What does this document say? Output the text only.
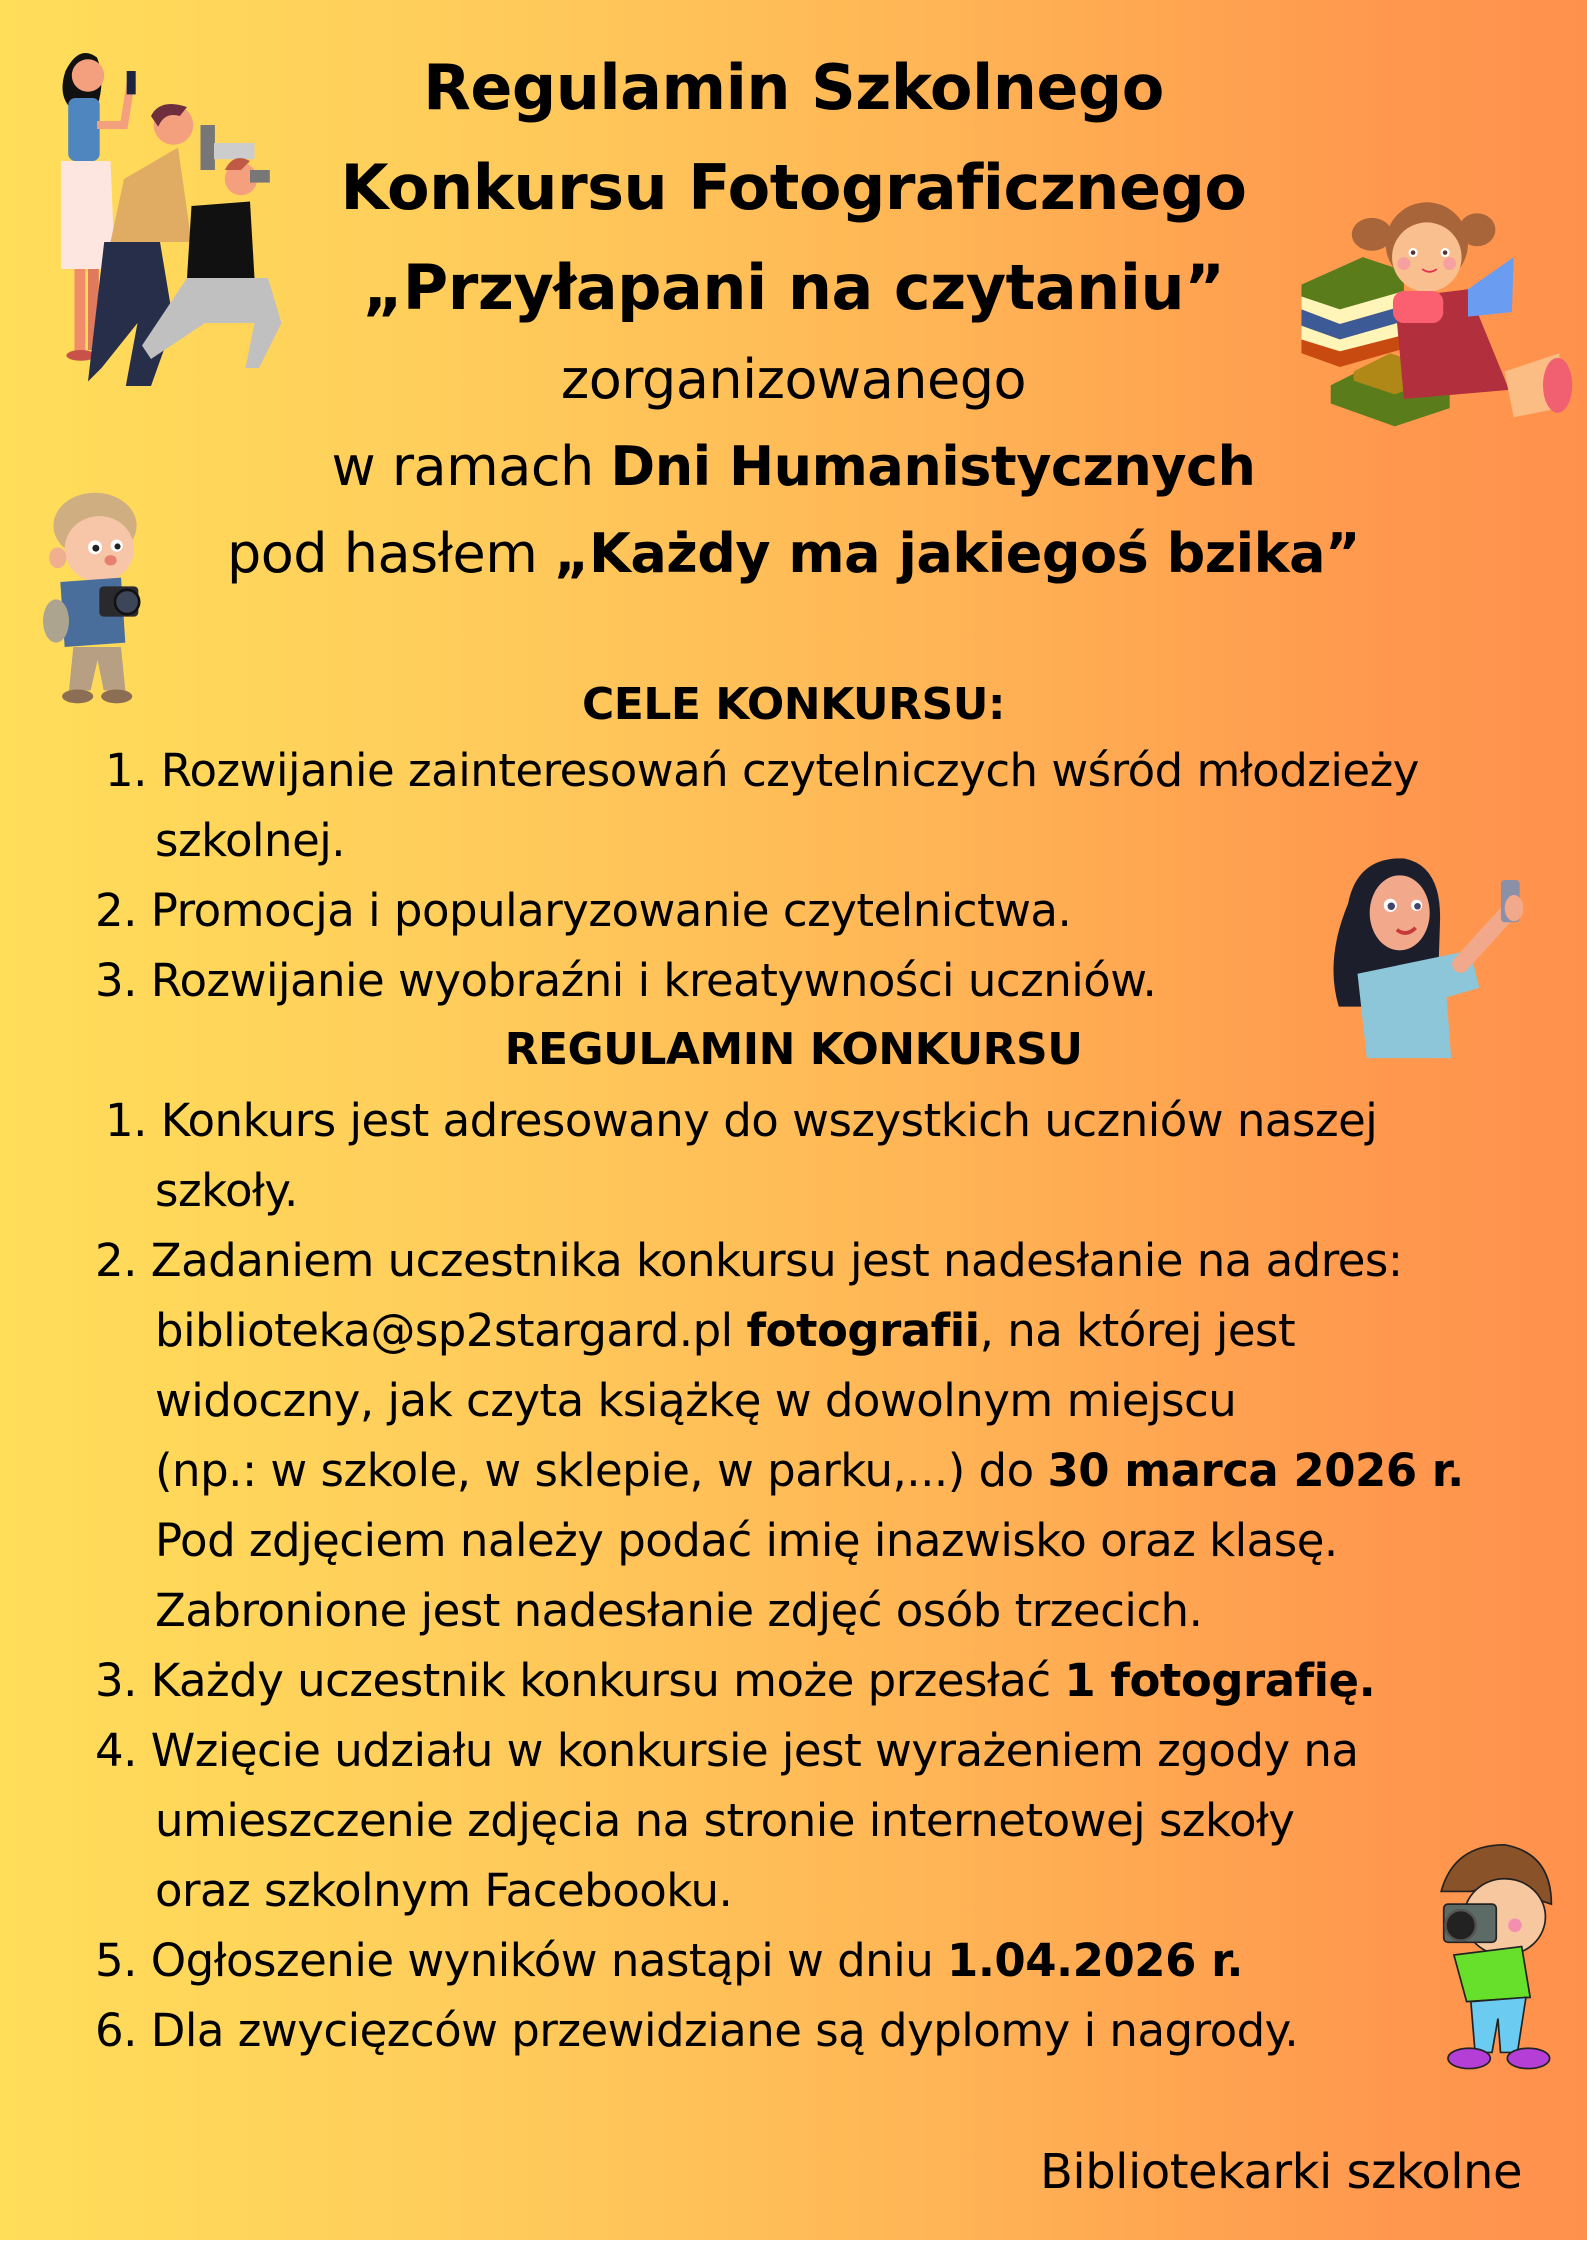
Regulamin Szkolnego
Konkursu Fotograficznego
„Przyłapani na czytaniu”
zorganizowanego
w ramach Dni Humanistycznych
pod hasłem „Każdy ma jakiegoś bzika”
CELE KONKURSU:
1. Rozwijanie zainteresowań czytelniczych wśród młodzieży
szkolnej.
2. Promocja i popularyzowanie czytelnictwa.
3. Rozwijanie wyobraźni i kreatywności uczniów.
REGULAMIN KONKURSU
1. Konkurs jest adresowany do wszystkich uczniów naszej
szkoły.
2. Zadaniem uczestnika konkursu jest nadesłanie na adres:
biblioteka@sp2stargard.pl fotografii, na której jest
widoczny, jak czyta książkę w dowolnym miejscu
(np.: w szkole, w sklepie, w parku,...) do 30 marca 2026 r.
Pod zdjęciem należy podać imię inazwisko oraz klasę.
Zabronione jest nadesłanie zdjęć osób trzecich.
3. Każdy uczestnik konkursu może przesłać 1 fotografię.
4. Wzięcie udziału w konkursie jest wyrażeniem zgody na
umieszczenie zdjęcia na stronie internetowej szkoły
oraz szkolnym Facebooku.
5. Ogłoszenie wyników nastąpi w dniu 1.04.2026 r.
6. Dla zwycięzców przewidziane są dyplomy i nagrody.
Bibliotekarki szkolne
